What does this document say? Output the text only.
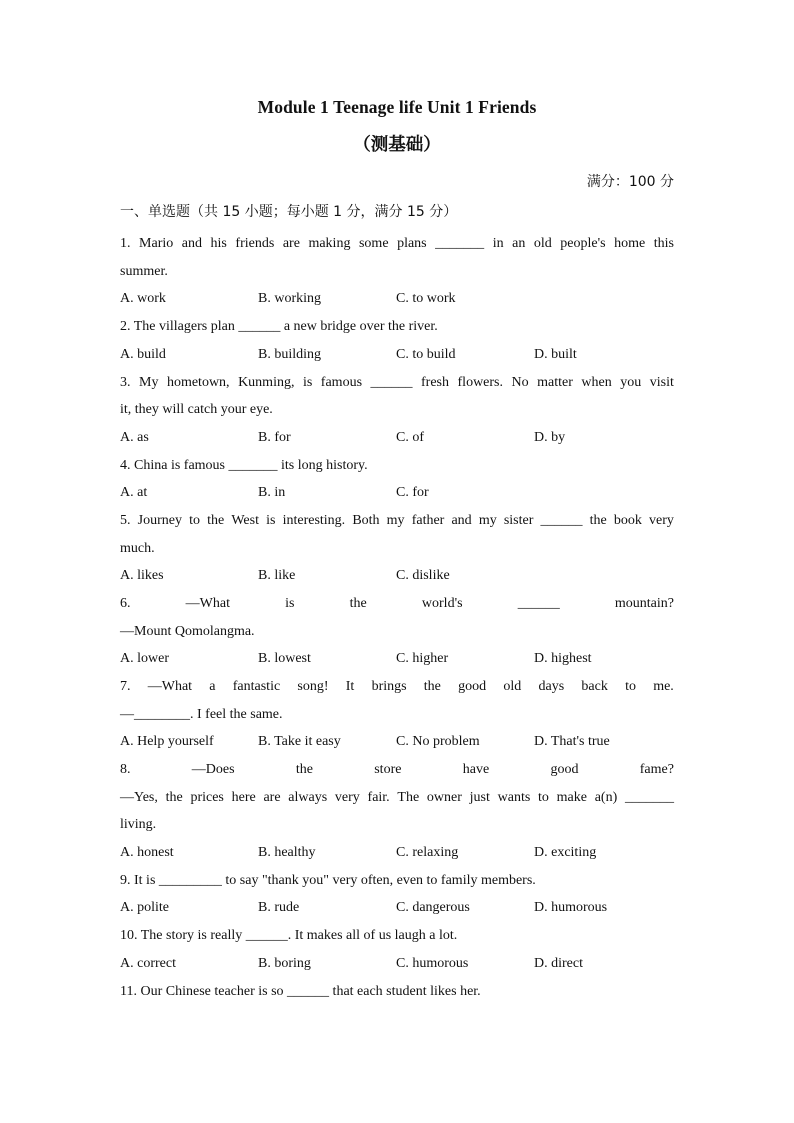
Module 1 Teenage life Unit 1 Friends
（测基础）
满分：100 分
一、单选题（共 15 小题；每小题 1 分，满分 15 分）
1. Mario and his friends are making some plans _______ in an old people's home this
summer.
A. work	B. working	C. to work
2. The villagers plan ______ a new bridge over the river.
A. build	B. building	C. to build	D. built
3. My hometown, Kunming, is famous ______ fresh flowers. No matter when you visit
it, they will catch your eye.
A. as	B. for	C. of	D. by
4. China is famous _______ its long history.
A. at	B. in	C. for
5. Journey to the West is interesting. Both my father and my sister ______ the book very
much.
A. likes	B. like	C. dislike
6.	—What	is	the	world's	______	mountain?
—Mount Qomolangma.
A. lower	B. lowest	C. higher	D. highest
7. —What a fantastic song! It brings the good old days back to me.
—________. I feel the same.
A. Help yourself	B. Take it easy	C. No problem	D. That's true
8.	—Does	the	store	have	good	fame?
—Yes, the prices here are always very fair. The owner just wants to make a(n) _______
living.
A. honest	B. healthy	C. relaxing	D. exciting
9. It is _________ to say "thank you" very often, even to family members.
A. polite	B. rude	C. dangerous	D. humorous
10. The story is really ______. It makes all of us laugh a lot.
A. correct	B. boring	C. humorous	D. direct
11. Our Chinese teacher is so ______ that each student likes her.
